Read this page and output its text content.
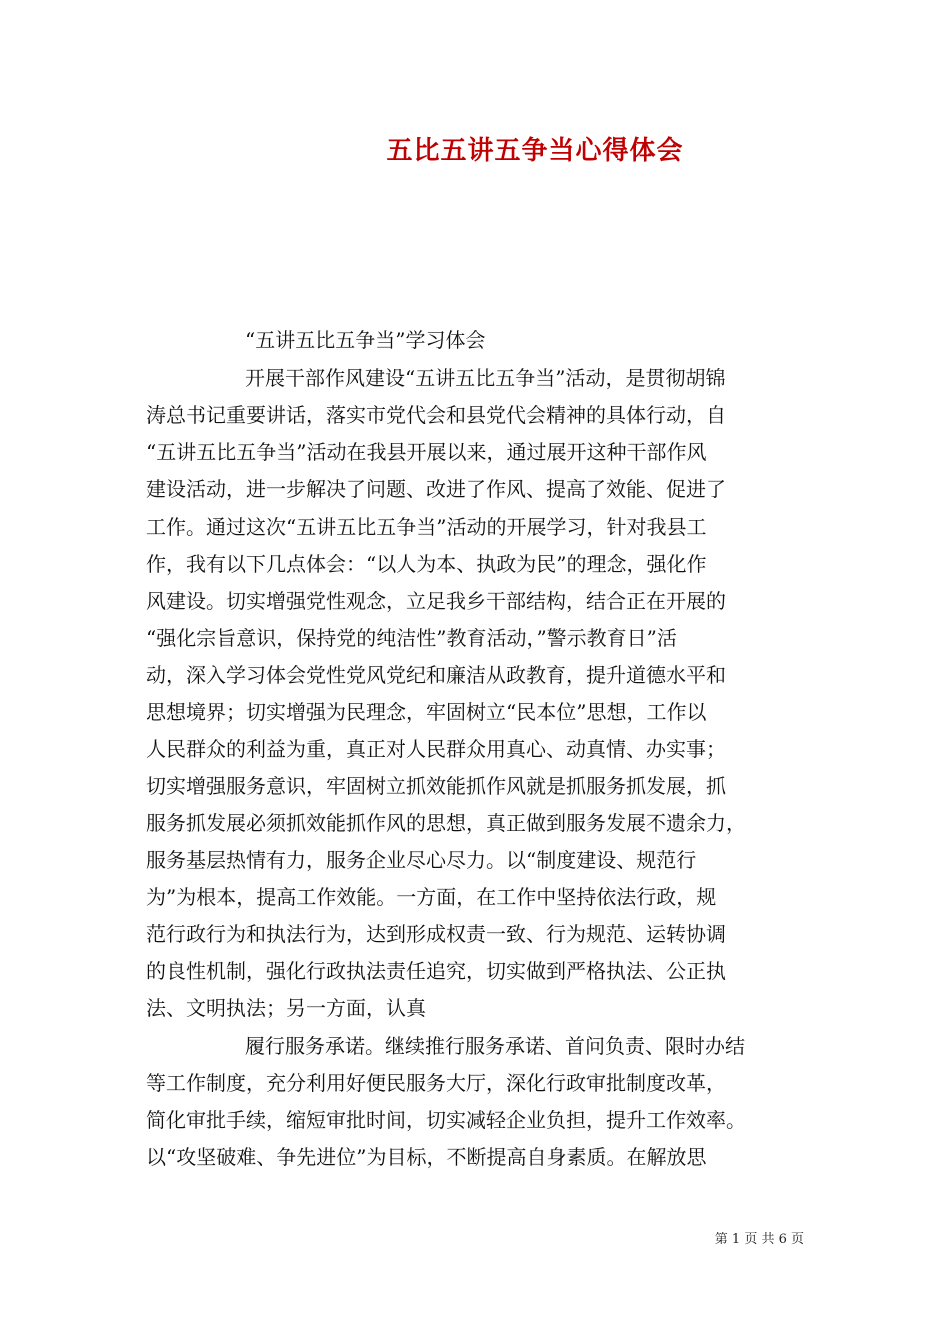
五比五讲五争当心得体会
“五讲五比五争当”学习体会
开展干部作风建设“五讲五比五争当”活动，是贯彻胡锦
涛总书记重要讲话，落实市党代会和县党代会精神的具体行动，自
“五讲五比五争当”活动在我县开展以来，通过展开这种干部作风
建设活动，进一步解决了问题、改进了作风、提高了效能、促进了
工作。通过这次“五讲五比五争当”活动的开展学习，针对我县工
作，我有以下几点体会：“以人为本、执政为民”的理念，强化作
风建设。切实增强党性观念，立足我乡干部结构，结合正在开展的
“强化宗旨意识，保持党的纯洁性”教育活动，”警示教育日”活
动，深入学习体会党性党风党纪和廉洁从政教育，提升道德水平和
思想境界；切实增强为民理念，牢固树立“民本位”思想，工作以
人民群众的利益为重，真正对人民群众用真心、动真情、办实事；
切实增强服务意识，牢固树立抓效能抓作风就是抓服务抓发展，抓
服务抓发展必须抓效能抓作风的思想，真正做到服务发展不遗余力，
服务基层热情有力，服务企业尽心尽力。以“制度建设、规范行
为”为根本，提高工作效能。一方面，在工作中坚持依法行政，规
范行政行为和执法行为，达到形成权责一致、行为规范、运转协调
的良性机制，强化行政执法责任追究，切实做到严格执法、公正执
法、文明执法；另一方面，认真
履行服务承诺。继续推行服务承诺、首问负责、限时办结
等工作制度，充分利用好便民服务大厅，深化行政审批制度改革，
简化审批手续，缩短审批时间，切实减轻企业负担，提升工作效率。
以“攻坚破难、争先进位”为目标，不断提高自身素质。在解放思
第 1 页 共 6 页
